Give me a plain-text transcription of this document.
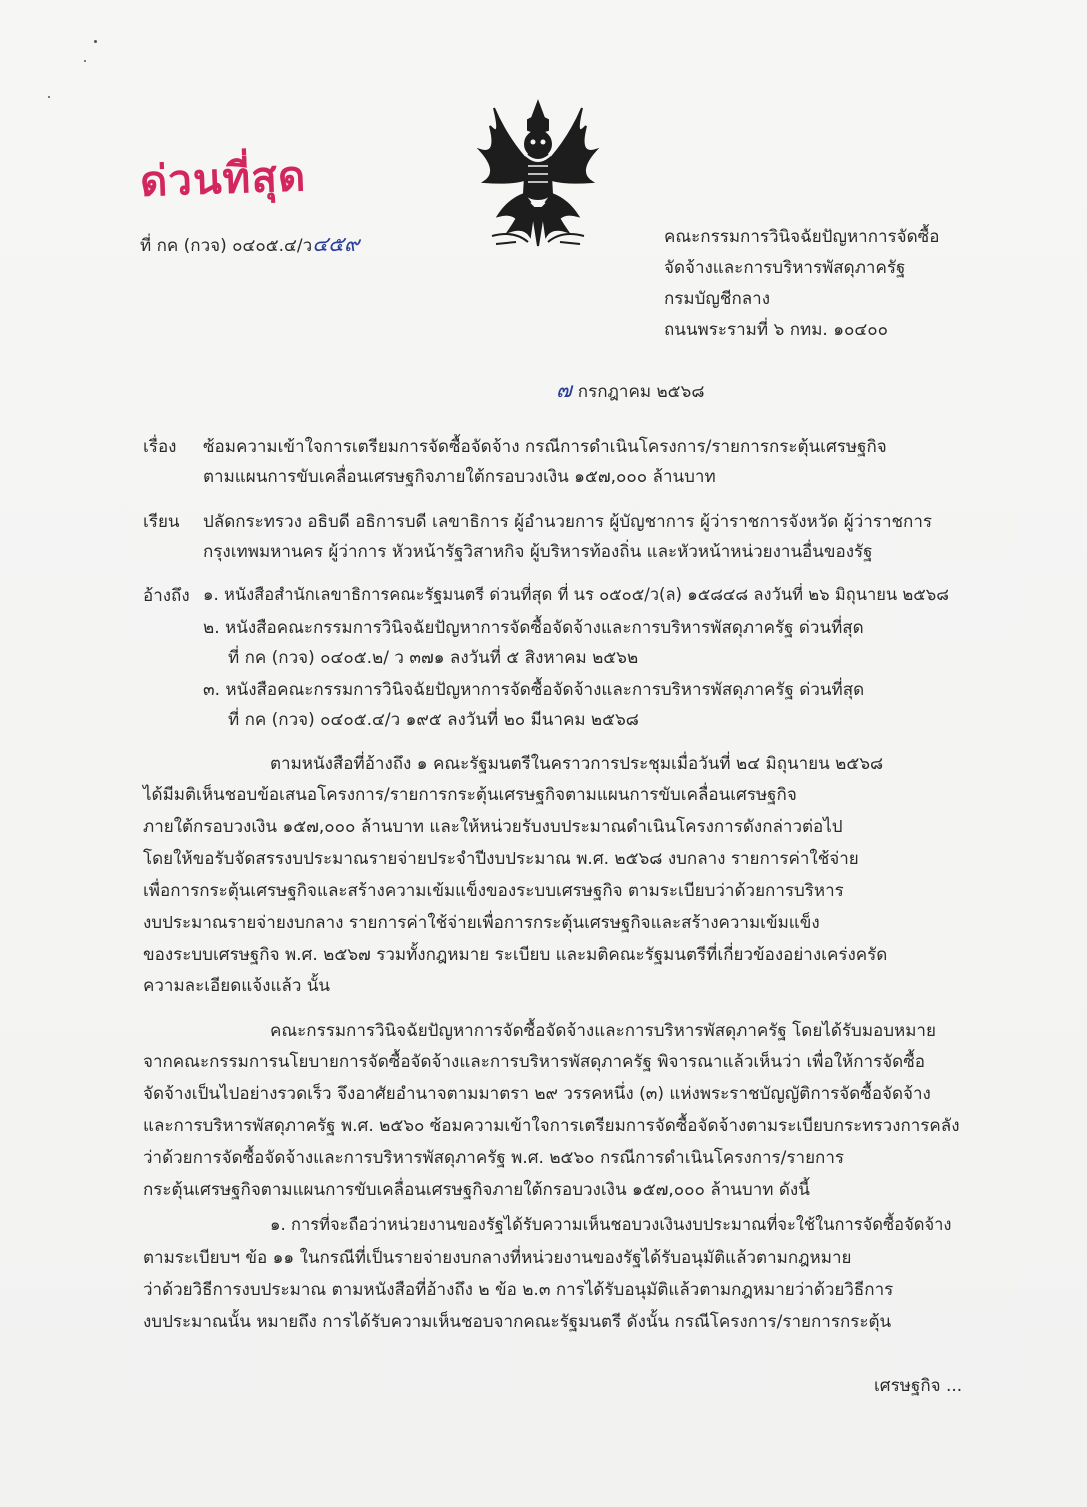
ด่วนที่สุด
ที่ กค (กวจ) ๐๔๐๕.๔/ว๔๕๙	คณะกรรมการวินิจฉัยปัญหาการจัดซื้อ
จัดจ้างและการบริหารพัสดุภาครัฐ
กรมบัญชีกลาง
ถนนพระรามที่ ๖ กทม. ๑๐๔๐๐
๗ กรกฎาคม ๒๕๖๘
เรื่อง ซ้อมความเข้าใจการเตรียมการจัดซื้อจัดจ้าง กรณีการดำเนินโครงการ/รายการกระตุ้นเศรษฐกิจ
ตามแผนการขับเคลื่อนเศรษฐกิจภายใต้กรอบวงเงิน ๑๕๗,๐๐๐ ล้านบาท
เรียน ปลัดกระทรวง อธิบดี อธิการบดี เลขาธิการ ผู้อำนวยการ ผู้บัญชาการ ผู้ว่าราชการจังหวัด ผู้ว่าราชการ
กรุงเทพมหานคร ผู้ว่าการ หัวหน้ารัฐวิสาหกิจ ผู้บริหารท้องถิ่น และหัวหน้าหน่วยงานอื่นของรัฐ
อ้างถึง ๑. หนังสือสำนักเลขาธิการคณะรัฐมนตรี ด่วนที่สุด ที่ นร ๐๕๐๕/ว(ล) ๑๕๘๔๘ ลงวันที่ ๒๖ มิถุนายน ๒๕๖๘
๒. หนังสือคณะกรรมการวินิจฉัยปัญหาการจัดซื้อจัดจ้างและการบริหารพัสดุภาครัฐ ด่วนที่สุด
ที่ กค (กวจ) ๐๔๐๕.๒/ ว ๓๗๑ ลงวันที่ ๕ สิงหาคม ๒๕๖๒
๓. หนังสือคณะกรรมการวินิจฉัยปัญหาการจัดซื้อจัดจ้างและการบริหารพัสดุภาครัฐ ด่วนที่สุด
ที่ กค (กวจ) ๐๔๐๕.๔/ว ๑๙๕ ลงวันที่ ๒๐ มีนาคม ๒๕๖๘
ตามหนังสือที่อ้างถึง ๑ คณะรัฐมนตรีในคราวการประชุมเมื่อวันที่ ๒๔ มิถุนายน ๒๕๖๘
ได้มีมติเห็นชอบข้อเสนอโครงการ/รายการกระตุ้นเศรษฐกิจตามแผนการขับเคลื่อนเศรษฐกิจ
ภายใต้กรอบวงเงิน ๑๕๗,๐๐๐ ล้านบาท และให้หน่วยรับงบประมาณดำเนินโครงการดังกล่าวต่อไป
โดยให้ขอรับจัดสรรงบประมาณรายจ่ายประจำปีงบประมาณ พ.ศ. ๒๕๖๘ งบกลาง รายการค่าใช้จ่าย
เพื่อการกระตุ้นเศรษฐกิจและสร้างความเข้มแข็งของระบบเศรษฐกิจ ตามระเบียบว่าด้วยการบริหาร
งบประมาณรายจ่ายงบกลาง รายการค่าใช้จ่ายเพื่อการกระตุ้นเศรษฐกิจและสร้างความเข้มแข็ง
ของระบบเศรษฐกิจ พ.ศ. ๒๕๖๗ รวมทั้งกฎหมาย ระเบียบ และมติคณะรัฐมนตรีที่เกี่ยวข้องอย่างเคร่งครัด
ความละเอียดแจ้งแล้ว นั้น
คณะกรรมการวินิจฉัยปัญหาการจัดซื้อจัดจ้างและการบริหารพัสดุภาครัฐ โดยได้รับมอบหมาย
จากคณะกรรมการนโยบายการจัดซื้อจัดจ้างและการบริหารพัสดุภาครัฐ พิจารณาแล้วเห็นว่า เพื่อให้การจัดซื้อ
จัดจ้างเป็นไปอย่างรวดเร็ว จึงอาศัยอำนาจตามมาตรา ๒๙ วรรคหนึ่ง (๓) แห่งพระราชบัญญัติการจัดซื้อจัดจ้าง
และการบริหารพัสดุภาครัฐ พ.ศ. ๒๕๖๐ ซ้อมความเข้าใจการเตรียมการจัดซื้อจัดจ้างตามระเบียบกระทรวงการคลัง
ว่าด้วยการจัดซื้อจัดจ้างและการบริหารพัสดุภาครัฐ พ.ศ. ๒๕๖๐ กรณีการดำเนินโครงการ/รายการ
กระตุ้นเศรษฐกิจตามแผนการขับเคลื่อนเศรษฐกิจภายใต้กรอบวงเงิน ๑๕๗,๐๐๐ ล้านบาท ดังนี้
๑. การที่จะถือว่าหน่วยงานของรัฐได้รับความเห็นชอบวงเงินงบประมาณที่จะใช้ในการจัดซื้อจัดจ้าง
ตามระเบียบฯ ข้อ ๑๑ ในกรณีที่เป็นรายจ่ายงบกลางที่หน่วยงานของรัฐได้รับอนุมัติแล้วตามกฎหมาย
ว่าด้วยวิธีการงบประมาณ ตามหนังสือที่อ้างถึง ๒ ข้อ ๒.๓ การได้รับอนุมัติแล้วตามกฎหมายว่าด้วยวิธีการ
งบประมาณนั้น หมายถึง การได้รับความเห็นชอบจากคณะรัฐมนตรี ดังนั้น กรณีโครงการ/รายการกระตุ้น
เศรษฐกิจ ...
